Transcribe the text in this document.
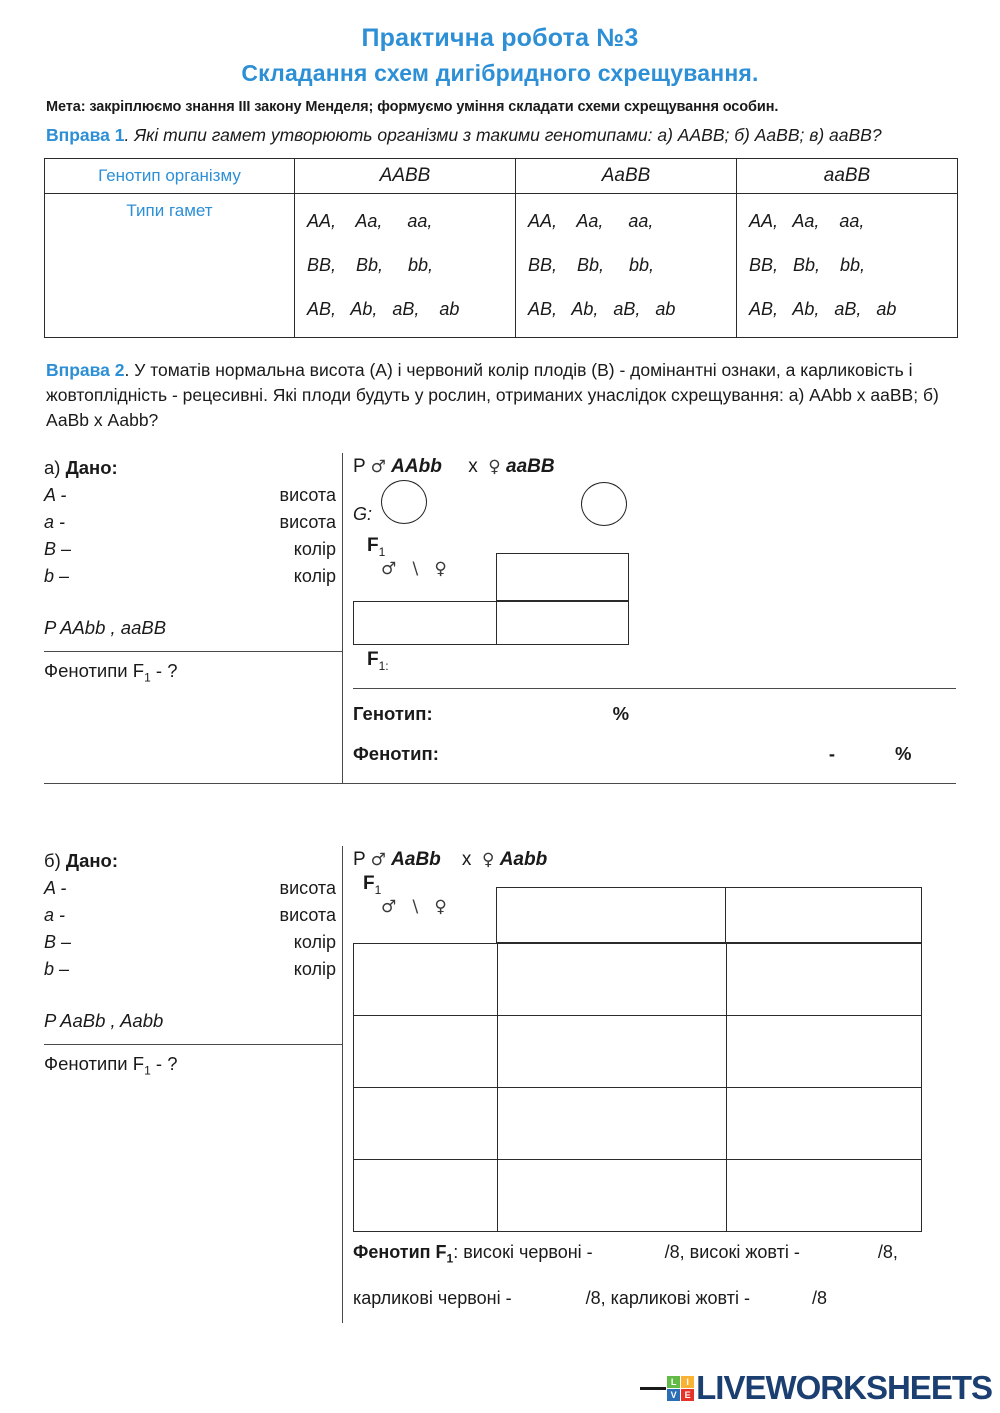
Практична робота №3
Складання схем дигібридного схрещування.
Мета: закріплюємо знання III закону Менделя; формуємо уміння складати схеми схрещування особин.
Вправа 1. Які типи гамет утворюють організми з такими генотипами: а) ААВВ; б) АаВВ; в) ааВВ?
Генотип організму	AABB	AaBB	aaBB
Типи гамет	AA,    Aa,     aa,
BB,    Bb,     bb,
AB,   Ab,   aB,    ab	AA,    Aa,     aa,
BB,    Bb,     bb,
AB,   Ab,   aB,   ab	AA,   Aa,    aa,
BB,   Bb,    bb,
AB,   Ab,   aB,   ab
Вправа 2. У томатів нормальна висота (А) і червоний колір плодів (В) - домінантні ознаки, а карликовість і жовтоплідність - рецесивні. Які плоди будуть у рослин, отриманих унаслідок схрещування: а) ААbb x ааВВ; б) АаВb x Ааbb?
а) Дано:
A -	висота
a -	висота
B –	колір
b –	колір
P AAbb , aaBB
Фенотипи $F_1$ - ?
P ♂ AAbb x ♀ aaBB
G:
$F_1$
♂   \   ♀
$F_{1:}$
Генотип:	%
Фенотип:	-	%
б) Дано:
A -	висота
a -	висота
B –	колір
b –	колір
P AaBb , Aabb
Фенотипи $F_1$ - ?
P ♂ AaBb x ♀ Aabb
$F_1$
♂   \   ♀
Фенотип $F_1$: високі червоні -	/8, високі жовті -	/8,
карликові червоні -	/8, карликові жовті -	/8
L	I
V E LIVEWORKSHEETS
